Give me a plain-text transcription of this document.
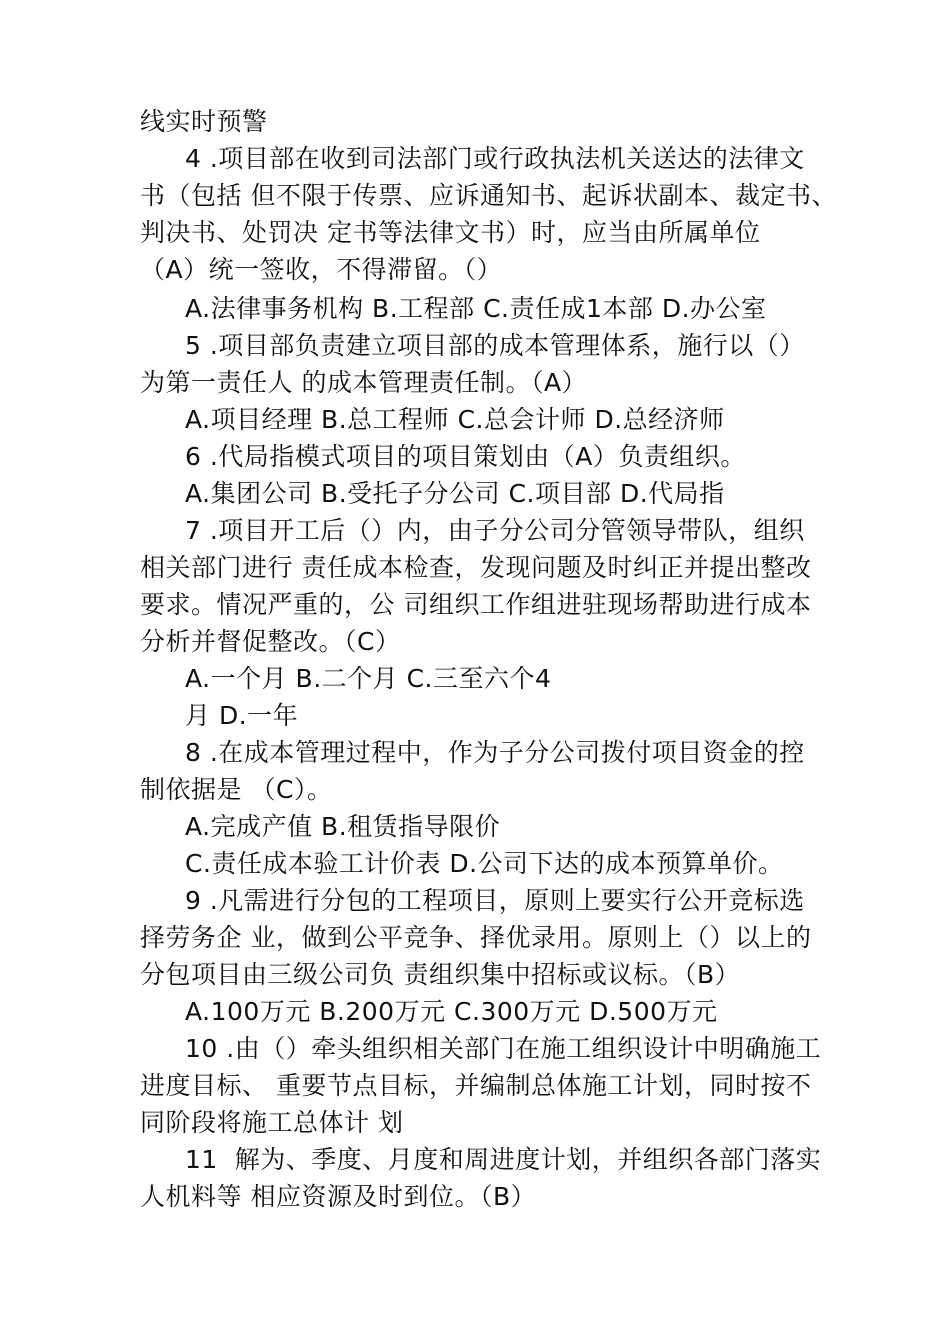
线实时预警
4 .项目部在收到司法部门或行政执法机关送达的法律文
书（包括 但不限于传票、应诉通知书、起诉状副本、裁定书、
判决书、处罚决 定书等法律文书）时，应当由所属单位
（A）统一签收，不得滞留。（）
A.法律事务机构 B.工程部 C.责任成1本部 D.办公室
5 .项目部负责建立项目部的成本管理体系，施行以（）
为第一责任人 的成本管理责任制。（A）
A.项目经理 B.总工程师 C.总会计师 D.总经济师
6 .代局指模式项目的项目策划由（A）负责组织。
A.集团公司 B.受托子分公司 C.项目部 D.代局指
7 .项目开工后（）内，由子分公司分管领导带队，组织
相关部门进行 责任成本检查，发现问题及时纠正并提出整改
要求。情况严重的，公 司组织工作组进驻现场帮助进行成本
分析并督促整改。（C）
A.一个月 B.二个月 C.三至六个4
月 D.一年
8 .在成本管理过程中，作为子分公司拨付项目资金的控
制依据是 （C）。
A.完成产值 B.租赁指导限价
C.责任成本验工计价表 D.公司下达的成本预算单价。
9 .凡需进行分包的工程项目，原则上要实行公开竞标选
择劳务企 业，做到公平竞争、择优录用。原则上（）以上的
分包项目由三级公司负 责组织集中招标或议标。（B）
A.100万元 B.200万元 C.300万元 D.500万元
10 .由（）牵头组织相关部门在施工组织设计中明确施工
进度目标、 重要节点目标，并编制总体施工计划，同时按不
同阶段将施工总体计 划
11  解为、季度、月度和周进度计划，并组织各部门落实
人机料等 相应资源及时到位。（B）
